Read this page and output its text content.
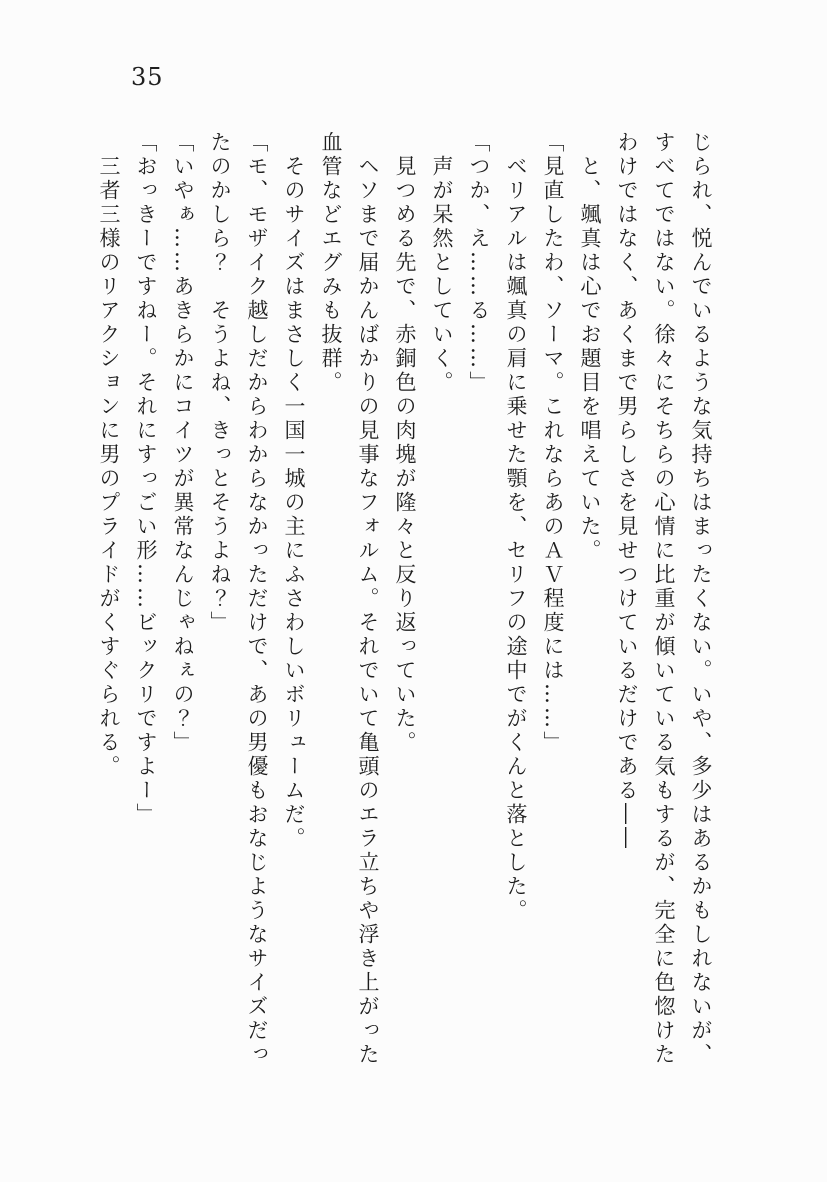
35

じられ、悦んでいるような気持ちはまったくない。いや、多少はあるかもしれないが、すべてではない。徐々にそちらの心情に比重が傾いている気もするが、完全に色惚けたわけではなく、あくまで男らしさを見せつけているだけである――

　と、颯真は心でお題目を唱えていた。

「見直したわ、ソーマ。これならあのＡＶ程度には……」

　ベリアルは颯真の肩に乗せた顎を、セリフの途中でがくんと落とした。

「つか、え……る……」

　声が呆然としていく。

　見つめる先で、赤銅色の肉塊が隆々と反り返っていた。

　ヘソまで届かんばかりの見事なフォルム。それでいて亀頭のエラ立ちや浮き上がった血管などエグみも抜群。

　そのサイズはまさしく一国一城の主にふさわしいボリュームだ。

「モ、モザイク越しだからわからなかっただけで、あの男優もおなじようなサイズだったのかしら？　そうよね、きっとそうよね？」

「いやぁ……あきらかにコイツが異常なんじゃねぇの？」

「おっきーですねー。それにすっごい形……ビックリですよー」

　三者三様のリアクションに男のプライドがくすぐられる。
